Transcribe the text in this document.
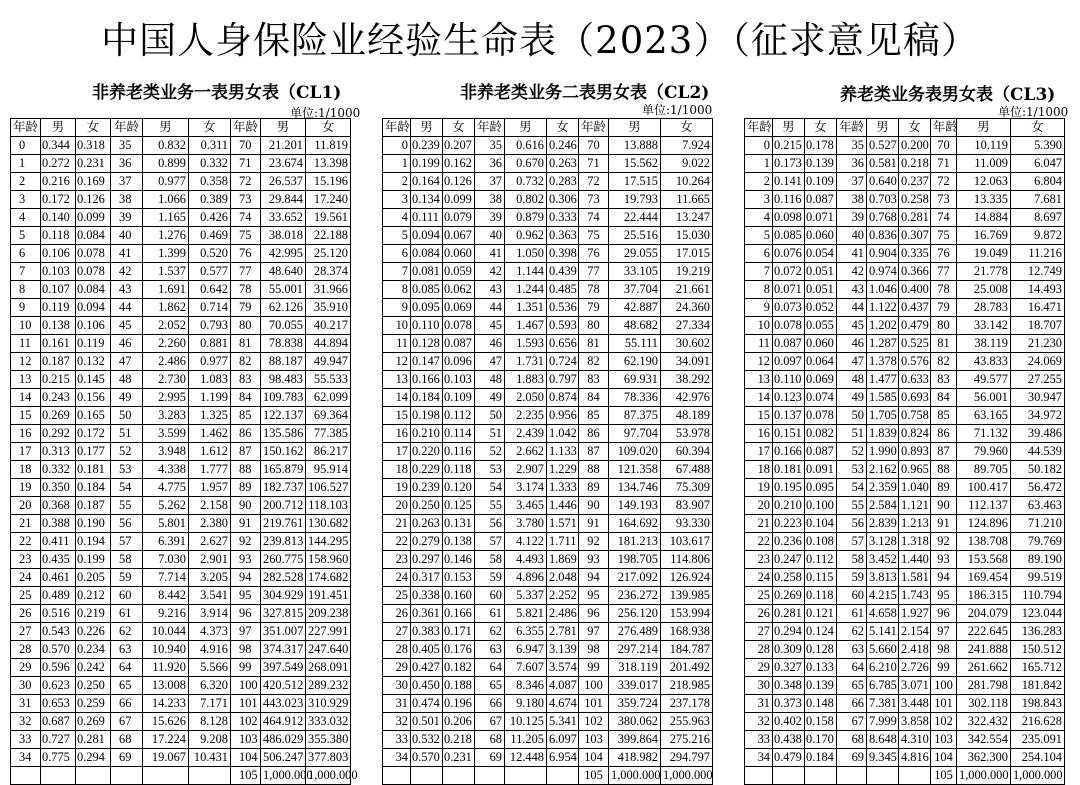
中国人身保险业经验生命表（2023）（征求意见稿）
非养老类业务一表男女表（CL1)
单位:1/1000
年龄	男	女	年龄	男	女	年龄	男	女
0	0.344	0.318	35	0.832	0.311	70	21.201	11.819
1	0.272	0.231	36	0.899	0.332	71	23.674	13.398
2	0.216	0.169	37	0.977	0.358	72	26.537	15.196
3	0.172	0.126	38	1.066	0.389	73	29.844	17.240
4	0.140	0.099	39	1.165	0.426	74	33.652	19.561
5	0.118	0.084	40	1.276	0.469	75	38.018	22.188
6	0.106	0.078	41	1.399	0.520	76	42.995	25.120
7	0.103	0.078	42	1.537	0.577	77	48.640	28.374
8	0.107	0.084	43	1.691	0.642	78	55.001	31.966
9	0.119	0.094	44	1.862	0.714	79	62.126	35.910
10	0.138	0.106	45	2.052	0.793	80	70.055	40.217
11	0.161	0.119	46	2.260	0.881	81	78.838	44.894
12	0.187	0.132	47	2.486	0.977	82	88.187	49.947
13	0.215	0.145	48	2.730	1.083	83	98.483	55.533
14	0.243	0.156	49	2.995	1.199	84	109.783	62.099
15	0.269	0.165	50	3.283	1.325	85	122.137	69.364
16	0.292	0.172	51	3.599	1.462	86	135.586	77.385
17	0.313	0.177	52	3.948	1.612	87	150.162	86.217
18	0.332	0.181	53	4.338	1.777	88	165.879	95.914
19	0.350	0.184	54	4.775	1.957	89	182.737	106.527
20	0.368	0.187	55	5.262	2.158	90	200.712	118.103
21	0.388	0.190	56	5.801	2.380	91	219.761	130.682
22	0.411	0.194	57	6.391	2.627	92	239.813	144.295
23	0.435	0.199	58	7.030	2.901	93	260.775	158.960
24	0.461	0.205	59	7.714	3.205	94	282.528	174.682
25	0.489	0.212	60	8.442	3.541	95	304.929	191.451
26	0.516	0.219	61	9.216	3.914	96	327.815	209.238
27	0.543	0.226	62	10.044	4.373	97	351.007	227.991
28	0.570	0.234	63	10.940	4.916	98	374.317	247.640
29	0.596	0.242	64	11.920	5.566	99	397.549	268.091
30	0.623	0.250	65	13.008	6.320	100	420.512	289.232
31	0.653	0.259	66	14.233	7.171	101	443.023	310.929
32	0.687	0.269	67	15.626	8.128	102	464.912	333.032
33	0.727	0.281	68	17.224	9.208	103	486.029	355.380
34	0.775	0.294	69	19.067	10.431	104	506.247	377.803
						105	1,000.000	1,000.000
非养老类业务二表男女表（CL2)
单位:1/1000
年龄	男	女	年龄	男	女	年龄	男	女
0	0.239	0.207	35	0.616	0.246	70	13.888	7.924
1	0.199	0.162	36	0.670	0.263	71	15.562	9.022
2	0.164	0.126	37	0.732	0.283	72	17.515	10.264
3	0.134	0.099	38	0.802	0.306	73	19.793	11.665
4	0.111	0.079	39	0.879	0.333	74	22.444	13.247
5	0.094	0.067	40	0.962	0.363	75	25.516	15.030
6	0.084	0.060	41	1.050	0.398	76	29.055	17.015
7	0.081	0.059	42	1.144	0.439	77	33.105	19.219
8	0.085	0.062	43	1.244	0.485	78	37.704	21.661
9	0.095	0.069	44	1.351	0.536	79	42.887	24.360
10	0.110	0.078	45	1.467	0.593	80	48.682	27.334
11	0.128	0.087	46	1.593	0.656	81	55.111	30.602
12	0.147	0.096	47	1.731	0.724	82	62.190	34.091
13	0.166	0.103	48	1.883	0.797	83	69.931	38.292
14	0.184	0.109	49	2.050	0.874	84	78.336	42.976
15	0.198	0.112	50	2.235	0.956	85	87.375	48.189
16	0.210	0.114	51	2.439	1.042	86	97.704	53.978
17	0.220	0.116	52	2.662	1.133	87	109.020	60.394
18	0.229	0.118	53	2.907	1.229	88	121.358	67.488
19	0.239	0.120	54	3.174	1.333	89	134.746	75.309
20	0.250	0.125	55	3.465	1.446	90	149.193	83.907
21	0.263	0.131	56	3.780	1.571	91	164.692	93.330
22	0.279	0.138	57	4.122	1.711	92	181.213	103.617
23	0.297	0.146	58	4.493	1.869	93	198.705	114.806
24	0.317	0.153	59	4.896	2.048	94	217.092	126.924
25	0.338	0.160	60	5.337	2.252	95	236.272	139.985
26	0.361	0.166	61	5.821	2.486	96	256.120	153.994
27	0.383	0.171	62	6.355	2.781	97	276.489	168.938
28	0.405	0.176	63	6.947	3.139	98	297.214	184.787
29	0.427	0.182	64	7.607	3.574	99	318.119	201.492
30	0.450	0.188	65	8.346	4.087	100	339.017	218.985
31	0.474	0.196	66	9.180	4.674	101	359.724	237.178
32	0.501	0.206	67	10.125	5.341	102	380.062	255.963
33	0.532	0.218	68	11.205	6.097	103	399.864	275.216
34	0.570	0.231	69	12.448	6.954	104	418.982	294.797
						105	1,000.000	1,000.000
养老类业务表男女表（CL3)
单位:1/1000
年龄	男	女	年龄	男	女	年龄	男	女
0	0.215	0.178	35	0.527	0.200	70	10.119	5.390
1	0.173	0.139	36	0.581	0.218	71	11.009	6.047
2	0.141	0.109	37	0.640	0.237	72	12.063	6.804
3	0.116	0.087	38	0.703	0.258	73	13.335	7.681
4	0.098	0.071	39	0.768	0.281	74	14.884	8.697
5	0.085	0.060	40	0.836	0.307	75	16.769	9.872
6	0.076	0.054	41	0.904	0.335	76	19.049	11.216
7	0.072	0.051	42	0.974	0.366	77	21.778	12.749
8	0.071	0.051	43	1.046	0.400	78	25.008	14.493
9	0.073	0.052	44	1.122	0.437	79	28.783	16.471
10	0.078	0.055	45	1.202	0.479	80	33.142	18.707
11	0.087	0.060	46	1.287	0.525	81	38.119	21.230
12	0.097	0.064	47	1.378	0.576	82	43.833	24.069
13	0.110	0.069	48	1.477	0.633	83	49.577	27.255
14	0.123	0.074	49	1.585	0.693	84	56.001	30.947
15	0.137	0.078	50	1.705	0.758	85	63.165	34.972
16	0.151	0.082	51	1.839	0.824	86	71.132	39.486
17	0.166	0.087	52	1.990	0.893	87	79.960	44.539
18	0.181	0.091	53	2.162	0.965	88	89.705	50.182
19	0.195	0.095	54	2.359	1.040	89	100.417	56.472
20	0.210	0.100	55	2.584	1.121	90	112.137	63.463
21	0.223	0.104	56	2.839	1.213	91	124.896	71.210
22	0.236	0.108	57	3.128	1.318	92	138.708	79.769
23	0.247	0.112	58	3.452	1.440	93	153.568	89.190
24	0.258	0.115	59	3.813	1.581	94	169.454	99.519
25	0.269	0.118	60	4.215	1.743	95	186.315	110.794
26	0.281	0.121	61	4.658	1.927	96	204.079	123.044
27	0.294	0.124	62	5.141	2.154	97	222.645	136.283
28	0.309	0.128	63	5.660	2.418	98	241.888	150.512
29	0.327	0.133	64	6.210	2.726	99	261.662	165.712
30	0.348	0.139	65	6.785	3.071	100	281.798	181.842
31	0.373	0.148	66	7.381	3.448	101	302.118	198.843
32	0.402	0.158	67	7.999	3.858	102	322.432	216.628
33	0.438	0.170	68	8.648	4.310	103	342.554	235.091
34	0.479	0.184	69	9.345	4.816	104	362.300	254.104
						105	1,000.000	1,000.000
